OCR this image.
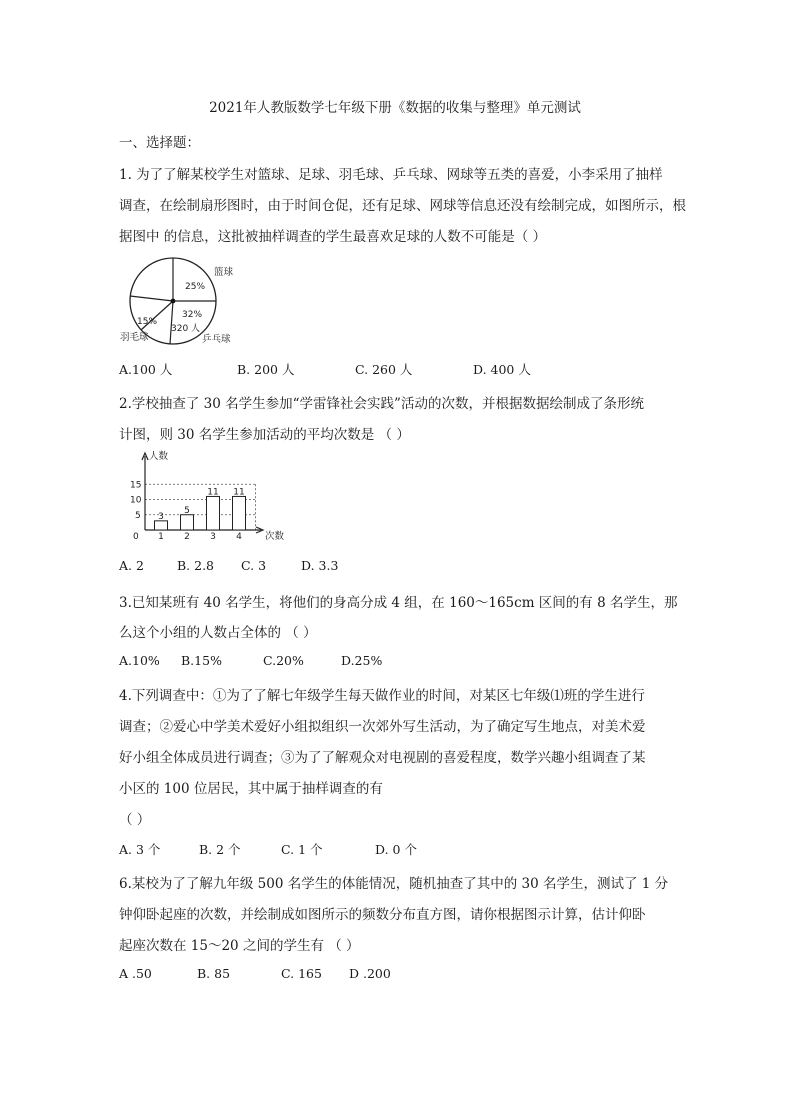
2021年人教版数学七年级下册《数据的收集与整理》单元测试
一、选择题：
1. 为了了解某校学生对篮球、足球、羽毛球、乒乓球、网球等五类的喜爱，小李采用了抽样
调查，在绘制扇形图时，由于时间仓促，还有足球、网球等信息还没有绘制完成，如图所示，根
据图中 的信息，这批被抽样调查的学生最喜欢足球的人数不可能是（ ）
25%
32%
320 人
15%
篮球
羽毛球	乒乓球
A.100 人	B. 200 人	C. 260 人	D. 400 人
2.学校抽查了 30 名学生参加“学雷锋社会实践”活动的次数，并根据数据绘制成了条形统
计图，则 30 名学生参加活动的平均次数是 （ ）
0
5
10
15
人数
次数
3
1
5
2
11
3
11
4
A. 2	B. 2.8 C. 3	D. 3.3
3.已知某班有 40 名学生，将他们的身高分成 4 组，在 160～165cm 区间的有 8 名学生，那
么这个小组的人数占全体的 （ ）
A.10% B.15%	C.20%	D.25%
4.下列调查中：①为了了解七年级学生每天做作业的时间，对某区七年级⑴班的学生进行
调查；②爱心中学美术爱好小组拟组织一次郊外写生活动，为了确定写生地点，对美术爱
好小组全体成员进行调查；③为了了解观众对电视剧的喜爱程度，数学兴趣小组调查了某
小区的 100 位居民，其中属于抽样调查的有
（ ）
A. 3 个	B. 2 个	C. 1 个	D. 0 个
6.某校为了了解九年级 500 名学生的体能情况，随机抽查了其中的 30 名学生，测试了 1 分
钟仰卧起座的次数，并绘制成如图所示的频数分布直方图，请你根据图示计算，估计仰卧
起座次数在 15～20 之间的学生有 （ ）
A .50	B. 85	C. 165 D .200
